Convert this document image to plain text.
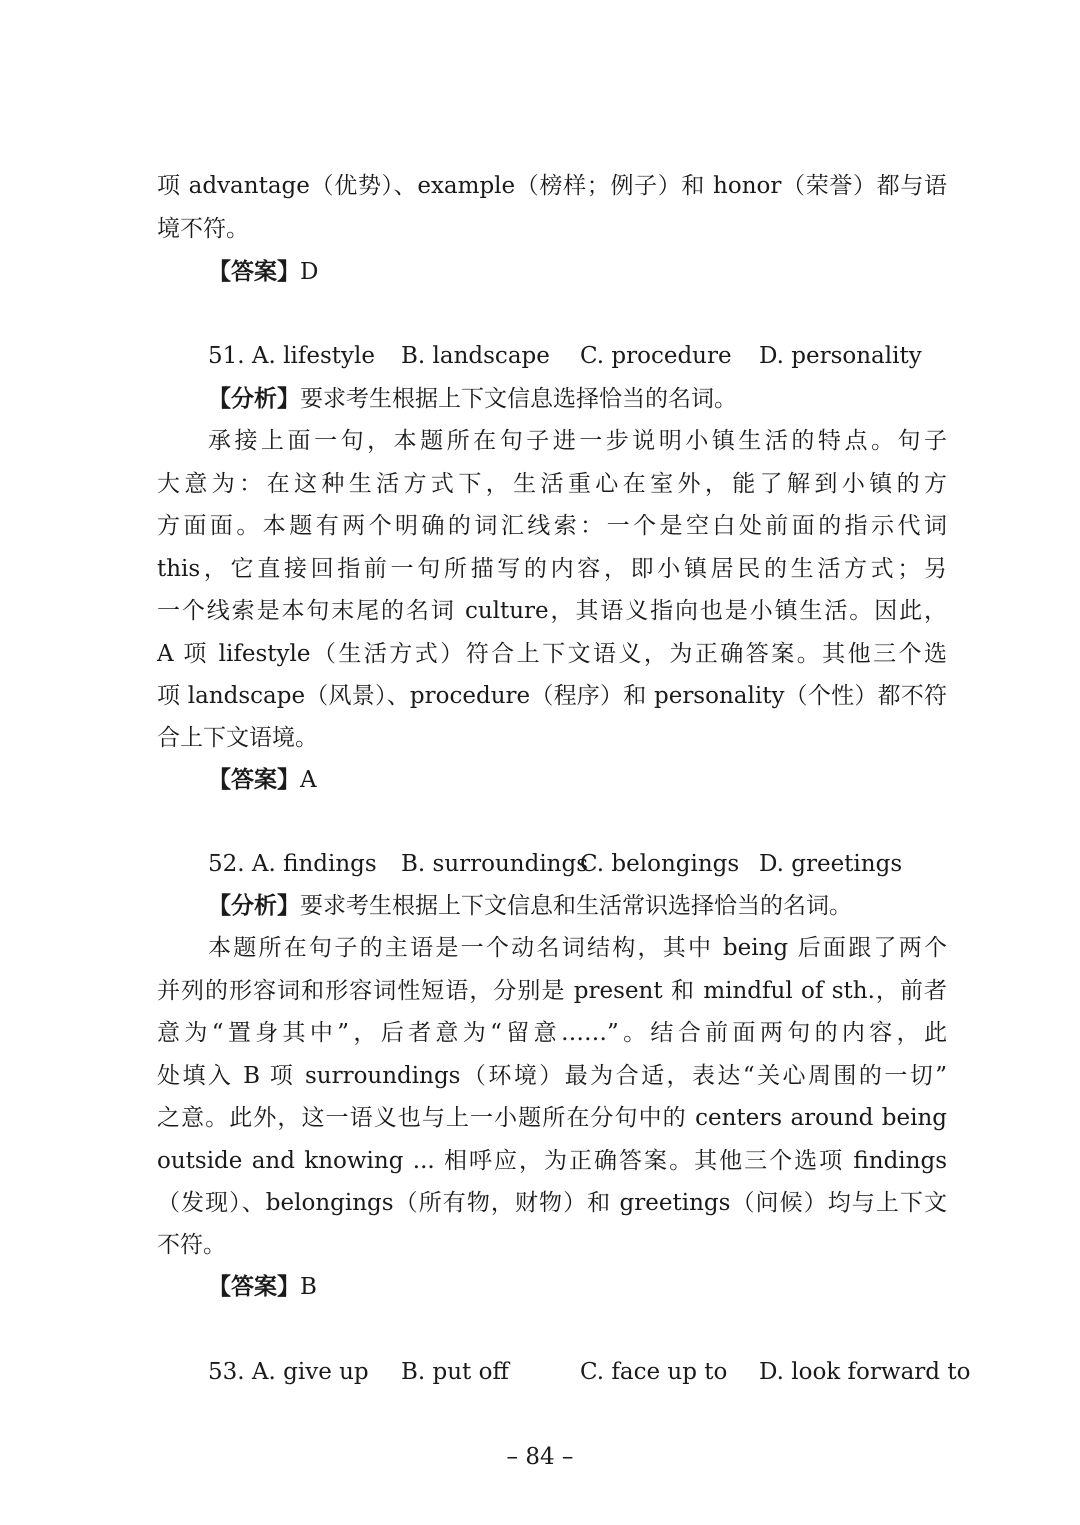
项 advantage（优势）、example（榜样；例子）和 honor（荣誉）都与语
境不符。
【答案】D
51. A. lifestyle B. landscape C. procedure D. personality
【分析】要求考生根据上下文信息选择恰当的名词。
承接上面一句，本题所在句子进一步说明小镇生活的特点。句子
大意为：在这种生活方式下，生活重心在室外，能了解到小镇的方
方面面。本题有两个明确的词汇线索：一个是空白处前面的指示代词
this，它直接回指前一句所描写的内容，即小镇居民的生活方式；另
一个线索是本句末尾的名词 culture，其语义指向也是小镇生活。因此，
A 项 lifestyle（生活方式）符合上下文语义，为正确答案。其他三个选
项 landscape（风景）、procedure（程序）和 personality（个性）都不符
合上下文语境。
【答案】A
52. A. findings B. surroundings
C. belongings D. greetings
【分析】要求考生根据上下文信息和生活常识选择恰当的名词。
本题所在句子的主语是一个动名词结构，其中 being 后面跟了两个
并列的形容词和形容词性短语，分别是 present 和 mindful of sth.，前者
意为“置身其中”，后者意为“留意……”。结合前面两句的内容，此
处填入 B 项 surroundings（环境）最为合适，表达“关心周围的一切”
之意。此外，这一语义也与上一小题所在分句中的 centers around being
outside and knowing ... 相呼应，为正确答案。其他三个选项 findings
（发现）、belongings（所有物，财物）和 greetings（问候）均与上下文
不符。
【答案】B
53. A. give up B. put off	C. face up to D. look forward to
– 84 –
